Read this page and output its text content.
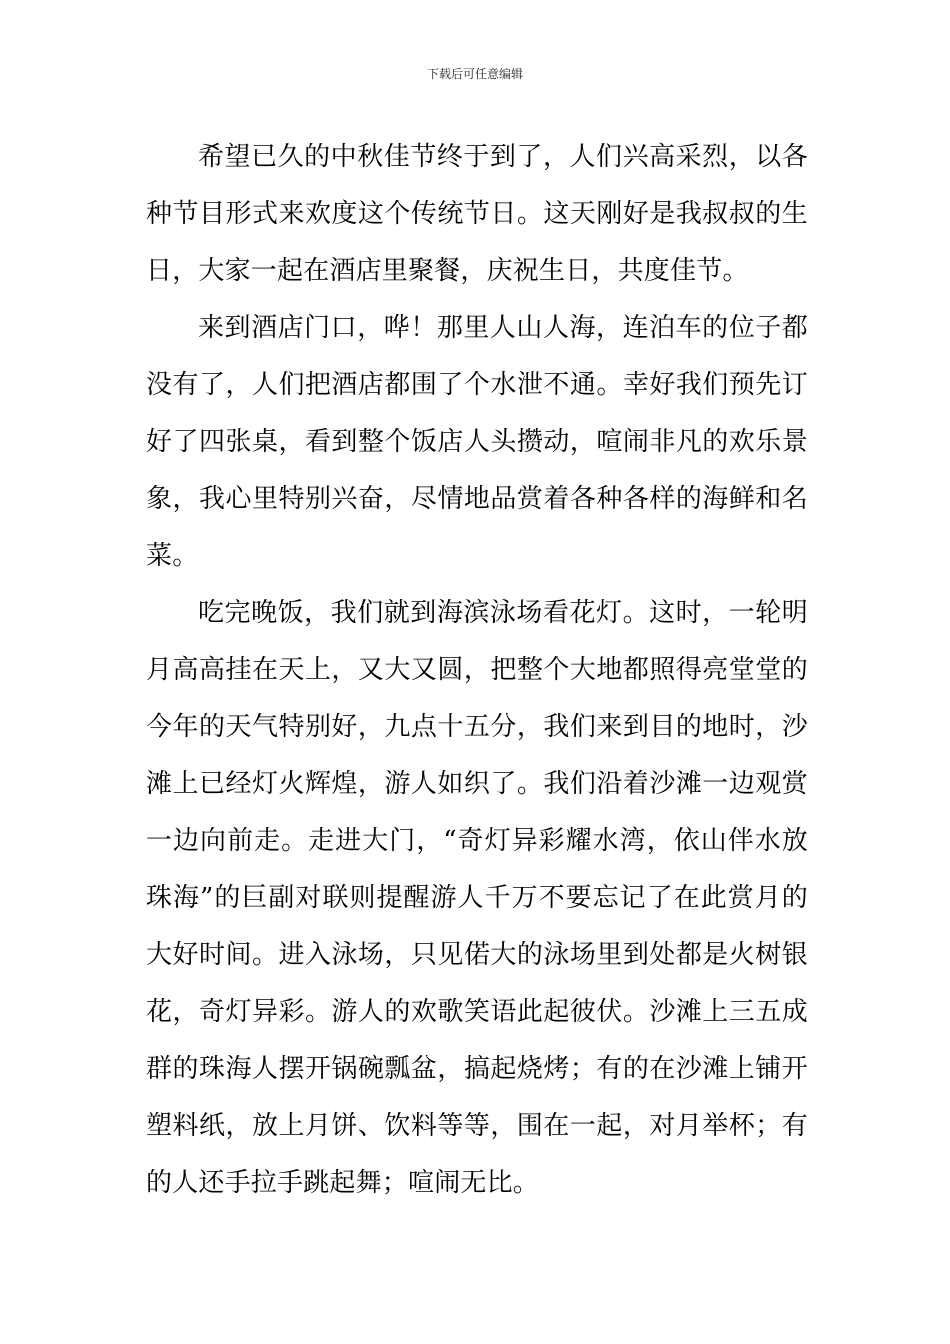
下载后可任意编辑

希望已久的中秋佳节终于到了，人们兴高采烈，以各种节目形式来欢度这个传统节日。这天刚好是我叔叔的生日，大家一起在酒店里聚餐，庆祝生日，共度佳节。

来到酒店门口，哗！那里人山人海，连泊车的位子都没有了，人们把酒店都围了个水泄不通。幸好我们预先订好了四张桌，看到整个饭店人头攒动，喧闹非凡的欢乐景象，我心里特别兴奋，尽情地品赏着各种各样的海鲜和名菜。

吃完晚饭，我们就到海滨泳场看花灯。这时，一轮明月高高挂在天上，又大又圆，把整个大地都照得亮堂堂的今年的天气特别好，九点十五分，我们来到目的地时，沙滩上已经灯火辉煌，游人如织了。我们沿着沙滩一边观赏一边向前走。走进大门，“奇灯异彩耀水湾，依山伴水放珠海”的巨副对联则提醒游人千万不要忘记了在此赏月的大好时间。进入泳场，只见偌大的泳场里到处都是火树银花，奇灯异彩。游人的欢歌笑语此起彼伏。沙滩上三五成群的珠海人摆开锅碗瓢盆，搞起烧烤；有的在沙滩上铺开塑料纸，放上月饼、饮料等等，围在一起，对月举杯；有的人还手拉手跳起舞；喧闹无比。
